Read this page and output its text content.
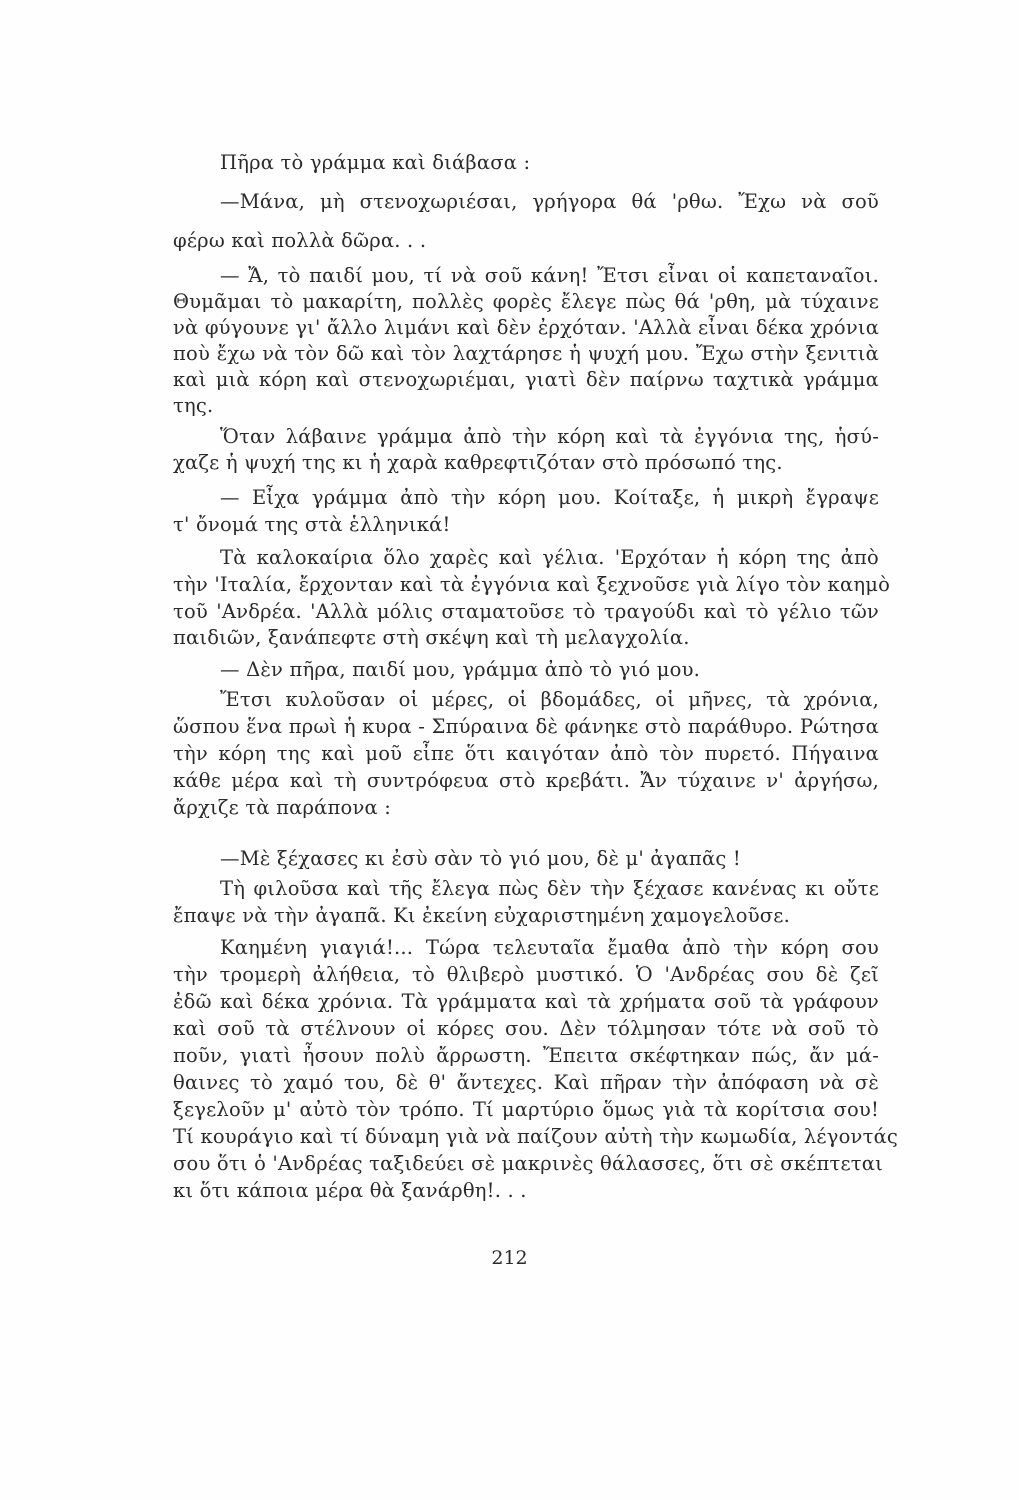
Πῆρα τὸ γράμμα καὶ διάβασα :
—Μάνα, μὴ στενοχωριέσαι, γρήγορα θά 'ρθω. Ἔχω νὰ σοῦ
φέρω καὶ πολλὰ δῶρα. . .
— Ἄ, τὸ παιδί μου, τί νὰ σοῦ κάνη! Ἔτσι εἶναι οἱ καπεταναῖοι.
Θυμᾶμαι τὸ μακαρίτη, πολλὲς φορὲς ἔλεγε πὼς θά 'ρθη, μὰ τύχαινε
νὰ φύγουνε γι' ἄλλο λιμάνι καὶ δὲν ἐρχόταν. 'Αλλὰ εἶναι δέκα χρόνια
ποὺ ἔχω νὰ τὸν δῶ καὶ τὸν λαχτάρησε ἡ ψυχή μου. Ἔχω στὴν ξενιτιὰ
καὶ μιὰ κόρη καὶ στενοχωριέμαι, γιατὶ δὲν παίρνω ταχτικὰ γράμμα
της.
Ὅταν λάβαινε γράμμα ἀπὸ τὴν κόρη καὶ τὰ ἐγγόνια της, ἡσύ-
χαζε ἡ ψυχή της κι ἡ χαρὰ καθρεφτιζόταν στὸ πρόσωπό της.
— Εἶχα γράμμα ἀπὸ τὴν κόρη μου. Κοίταξε, ἡ μικρὴ ἔγραψε
τ' ὄνομά της στὰ ἑλληνικά!
Τὰ καλοκαίρια ὅλο χαρὲς καὶ γέλια. 'Ερχόταν ἡ κόρη της ἀπὸ
τὴν 'Ιταλία, ἔρχονταν καὶ τὰ ἐγγόνια καὶ ξεχνοῦσε γιὰ λίγο τὸν καημὸ
τοῦ 'Ανδρέα. 'Αλλὰ μόλις σταματοῦσε τὸ τραγούδι καὶ τὸ γέλιο τῶν
παιδιῶν, ξανάπεφτε στὴ σκέψη καὶ τὴ μελαγχολία.
— Δὲν πῆρα, παιδί μου, γράμμα ἀπὸ τὸ γιό μου.
Ἔτσι κυλοῦσαν οἱ μέρες, οἱ βδομάδες, οἱ μῆνες, τὰ χρόνια,
ὥσπου ἕνα πρωὶ ἡ κυρα - Σπύραινα δὲ φάνηκε στὸ παράθυρο. Ρώτησα
τὴν κόρη της καὶ μοῦ εἶπε ὅτι καιγόταν ἀπὸ τὸν πυρετό. Πήγαινα
κάθε μέρα καὶ τὴ συντρόφευα στὸ κρεβάτι. Ἄν τύχαινε ν' ἀργήσω,
ἄρχιζε τὰ παράπονα :
—Μὲ ξέχασες κι ἐσὺ σὰν τὸ γιό μου, δὲ μ' ἀγαπᾶς !
Τὴ φιλοῦσα καὶ τῆς ἔλεγα πὼς δὲν τὴν ξέχασε κανένας κι οὔτε
ἔπαψε νὰ τὴν ἀγαπᾶ. Κι ἐκείνη εὐχαριστημένη χαμογελοῦσε.
Καημένη γιαγιά!... Τώρα τελευταῖα ἔμαθα ἀπὸ τὴν κόρη σου
τὴν τρομερὴ ἀλήθεια, τὸ θλιβερὸ μυστικό. Ὁ 'Ανδρέας σου δὲ ζεῖ
ἐδῶ καὶ δέκα χρόνια. Τὰ γράμματα καὶ τὰ χρήματα σοῦ τὰ γράφουν
καὶ σοῦ τὰ στέλνουν οἱ κόρες σου. Δὲν τόλμησαν τότε νὰ σοῦ τὸ
ποῦν, γιατὶ ἦσουν πολὺ ἄρρωστη. Ἔπειτα σκέφτηκαν πώς, ἄν μά-
θαινες τὸ χαμό του, δὲ θ' ἄντεχες. Καὶ πῆραν τὴν ἀπόφαση νὰ σὲ
ξεγελοῦν μ' αὐτὸ τὸν τρόπο. Τί μαρτύριο ὅμως γιὰ τὰ κορίτσια σου!
Τί κουράγιο καὶ τί δύναμη γιὰ νὰ παίζουν αὐτὴ τὴν κωμωδία, λέγοντάς
σου ὅτι ὁ 'Ανδρέας ταξιδεύει σὲ μακρινὲς θάλασσες, ὅτι σὲ σκέπτεται
κι ὅτι κάποια μέρα θὰ ξανάρθη!. . .
212
